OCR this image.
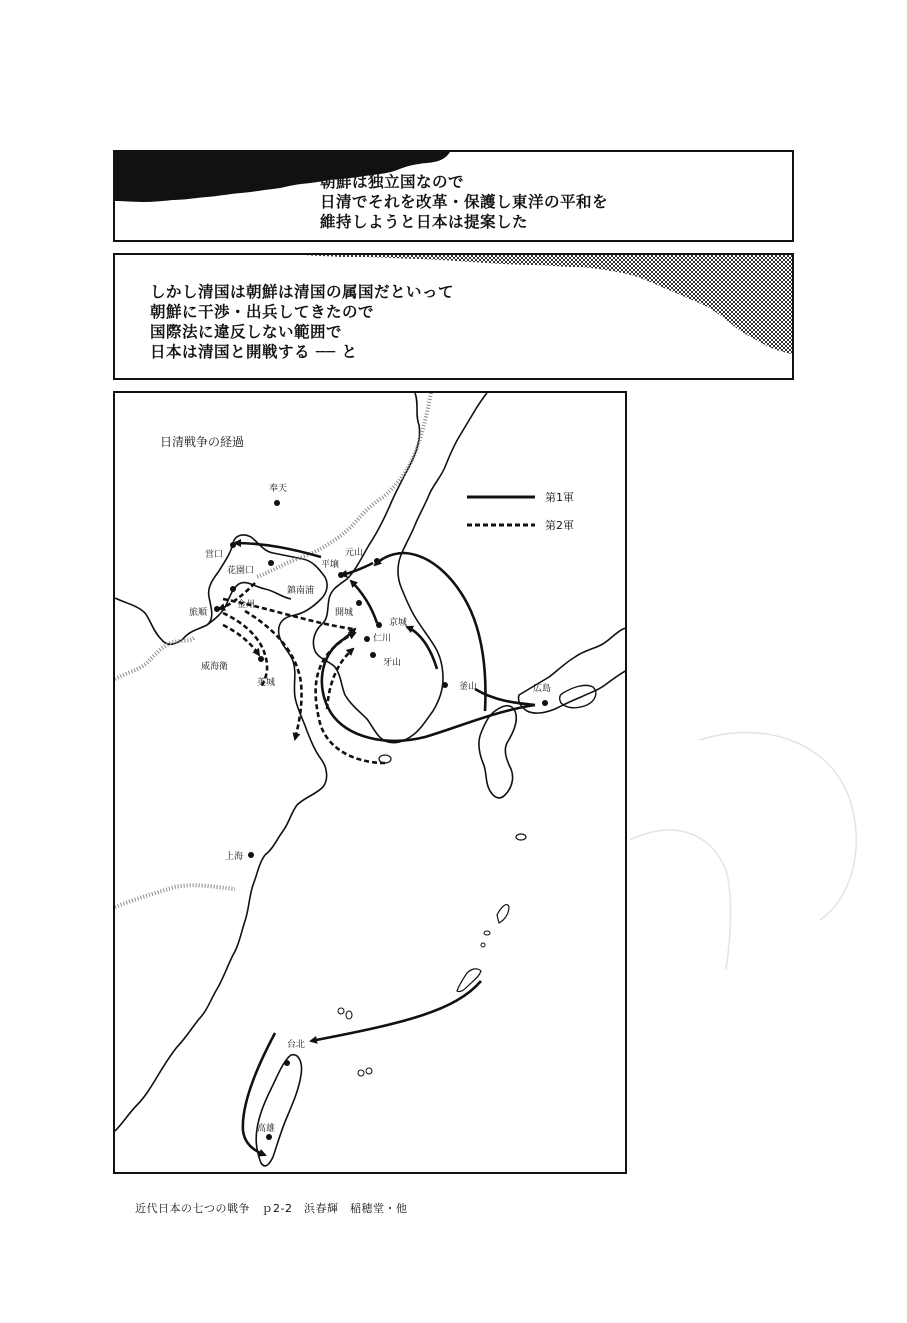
朝鮮は独立国なので
日清でそれを改革・保護し東洋の平和を
維持しようと日本は提案した
しかし清国は朝鮮は清国の属国だといって
朝鮮に干渉・出兵してきたので
国際法に違反しない範囲で
日本は清国と開戦する ── と
日清戦争の経過
第1軍
第2軍
奉天
営口
花園口
金州
旅順
威海衛
英城
鎮南浦
平壌
元山
開城
京城
仁川
牙山
釜山	広島
上海
台北
高雄
近代日本の七つの戦争　ｐ2-2　浜春輝　稲穂堂・他
